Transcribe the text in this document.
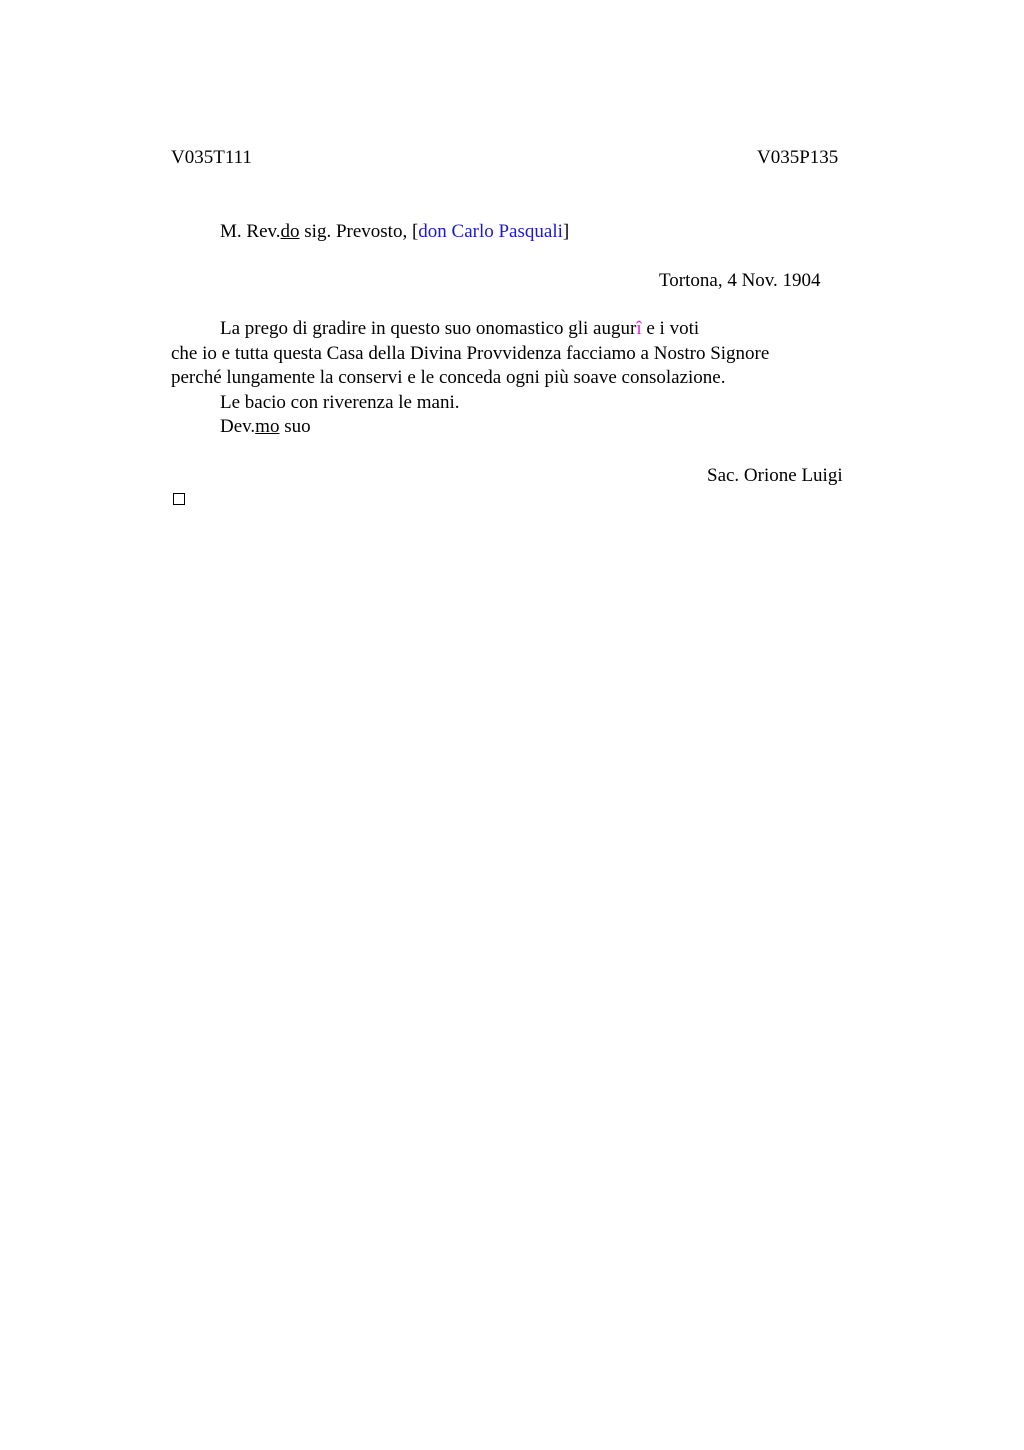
V035T111	V035P135
M. Rev.do sig. Prevosto, [don Carlo Pasquali]
Tortona, 4 Nov. 1904
La prego di gradire in questo suo onomastico gli augurî e i voti
che io e tutta questa Casa della Divina Provvidenza facciamo a Nostro Signore
perché lungamente la conservi e le conceda ogni più soave consolazione.
Le bacio con riverenza le mani.
Dev.mo suo
Sac. Orione Luigi
